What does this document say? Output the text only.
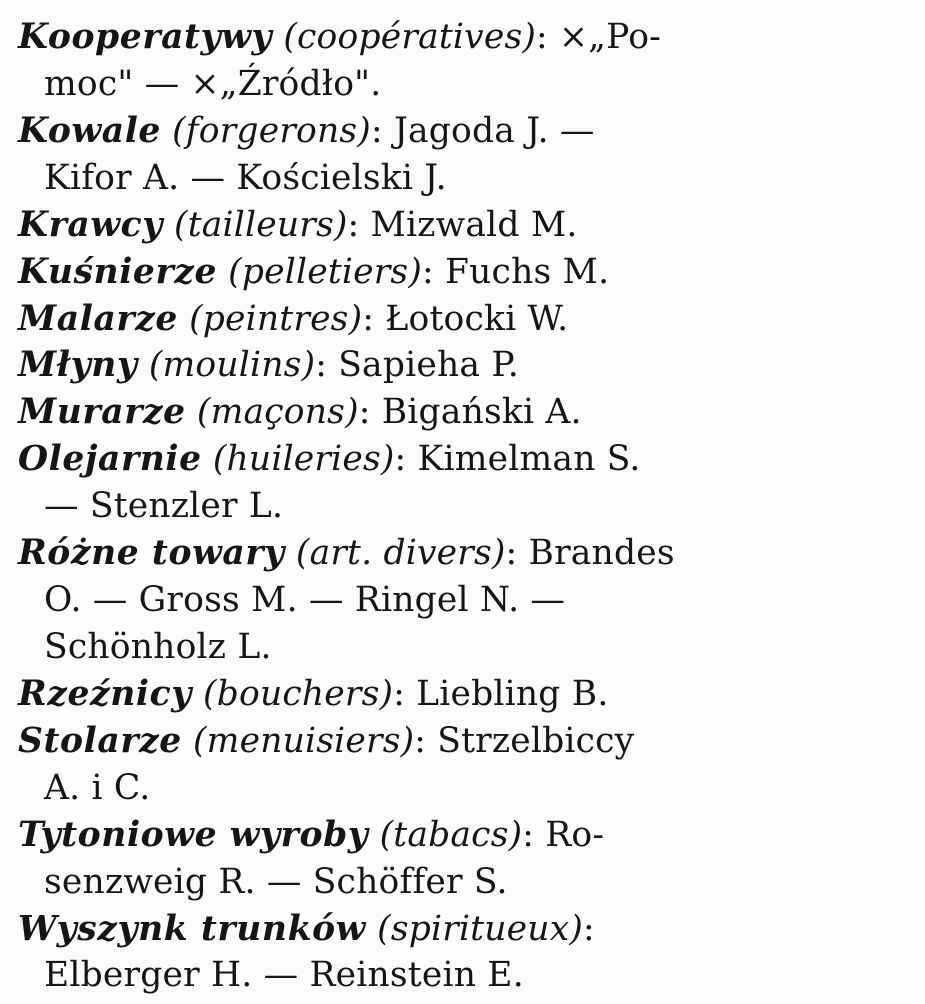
Kooperatywy (coopératives): ×„Po-
moc" — ×„Źródło".

Kowale (forgerons): Jagoda J. —
Kifor A. — Kościelski J.

Krawcy (tailleurs): Mizwald M.

Kuśnierze (pelletiers): Fuchs M.

Malarze (peintres): Łotocki W.

Młyny (moulins): Sapieha P.

Murarze (maçons): Bigański A.

Olejarnie (huileries): Kimelman S.
— Stenzler L.

Różne towary (art. divers): Brandes
O. — Gross M. — Ringel N. —
Schönholz L.

Rzeźnicy (bouchers): Liebling B.

Stolarze (menuisiers): Strzelbiccy
A. i C.

Tytoniowe wyroby (tabacs): Ro-
senzweig R. — Schöffer S.

Wyszynk trunków (spiritueux):
Elberger H. — Reinstein E.
